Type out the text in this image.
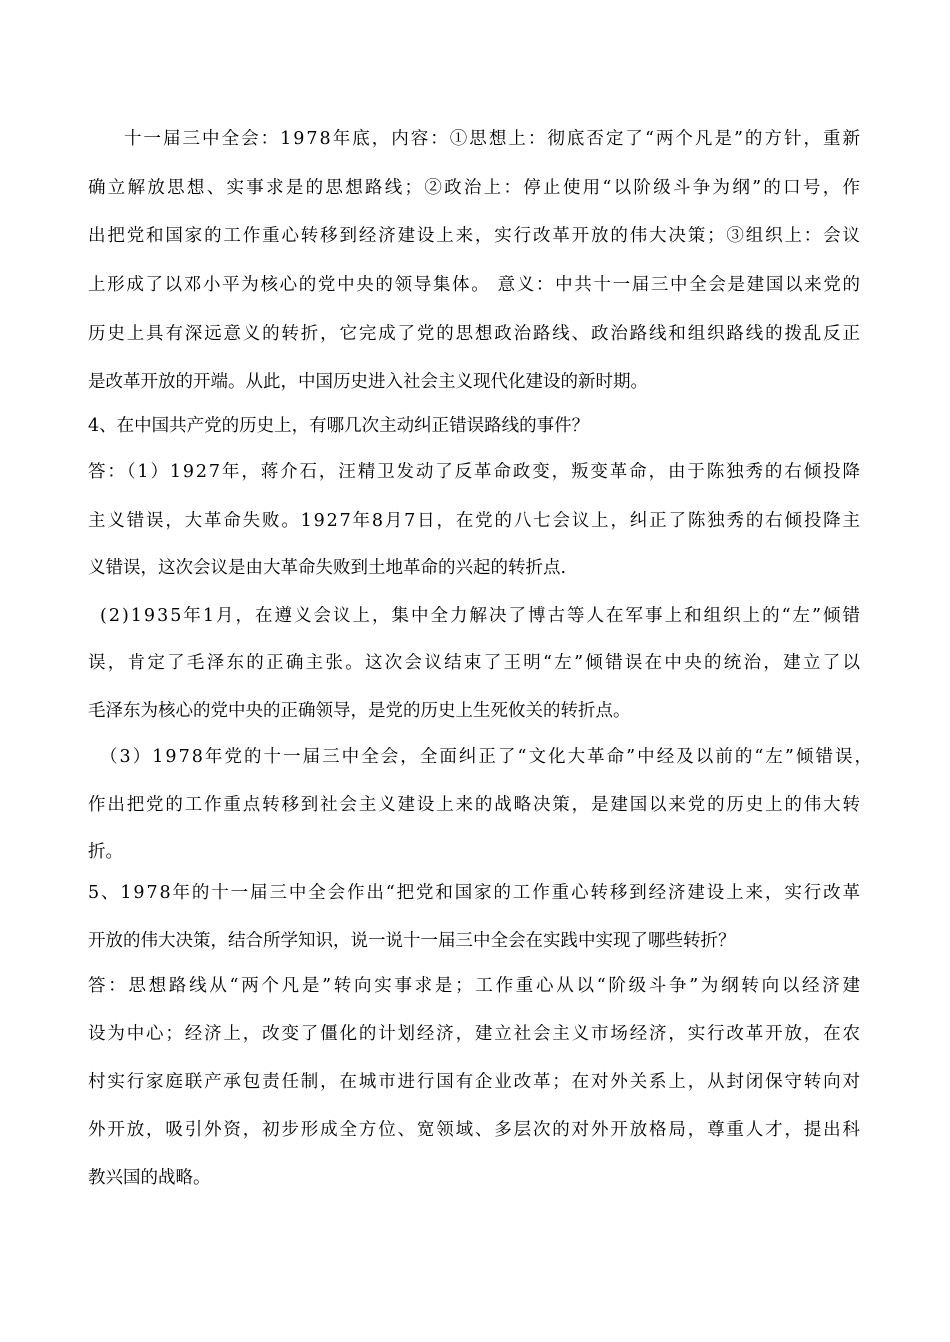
十一届三中全会：1978年底，内容：①思想上：彻底否定了“两个凡是”的方针，重新
确立解放思想、实事求是的思想路线；②政治上：停止使用“以阶级斗争为纲”的口号，作
出把党和国家的工作重心转移到经济建设上来，实行改革开放的伟大决策；③组织上：会议
上形成了以邓小平为核心的党中央的领导集体。 意义：中共十一届三中全会是建国以来党的
历史上具有深远意义的转折，它完成了党的思想政治路线、政治路线和组织路线的拨乱反正
是改革开放的开端。从此，中国历史进入社会主义现代化建设的新时期。
4、在中国共产党的历史上，有哪几次主动纠正错误路线的事件？
答：（1）1927年，蒋介石，汪精卫发动了反革命政变，叛变革命，由于陈独秀的右倾投降
主义错误，大革命失败。1927年8月7日，在党的八七会议上，纠正了陈独秀的右倾投降主
义错误，这次会议是由大革命失败到土地革命的兴起的转折点.
(2)1935年1月，在遵义会议上，集中全力解决了博古等人在军事上和组织上的“左”倾错
误，肯定了毛泽东的正确主张。这次会议结束了王明“左”倾错误在中央的统治，建立了以
毛泽东为核心的党中央的正确领导，是党的历史上生死攸关的转折点。
（3）1978年党的十一届三中全会，全面纠正了“文化大革命”中经及以前的“左”倾错误，
作出把党的工作重点转移到社会主义建设上来的战略决策，是建国以来党的历史上的伟大转
折。
5、1978年的十一届三中全会作出“把党和国家的工作重心转移到经济建设上来，实行改革
开放的伟大决策，结合所学知识，说一说十一届三中全会在实践中实现了哪些转折？
答：思想路线从“两个凡是”转向实事求是；工作重心从以“阶级斗争”为纲转向以经济建
设为中心；经济上，改变了僵化的计划经济，建立社会主义市场经济，实行改革开放，在农
村实行家庭联产承包责任制，在城市进行国有企业改革；在对外关系上，从封闭保守转向对
外开放，吸引外资，初步形成全方位、宽领域、多层次的对外开放格局，尊重人才，提出科
教兴国的战略。
